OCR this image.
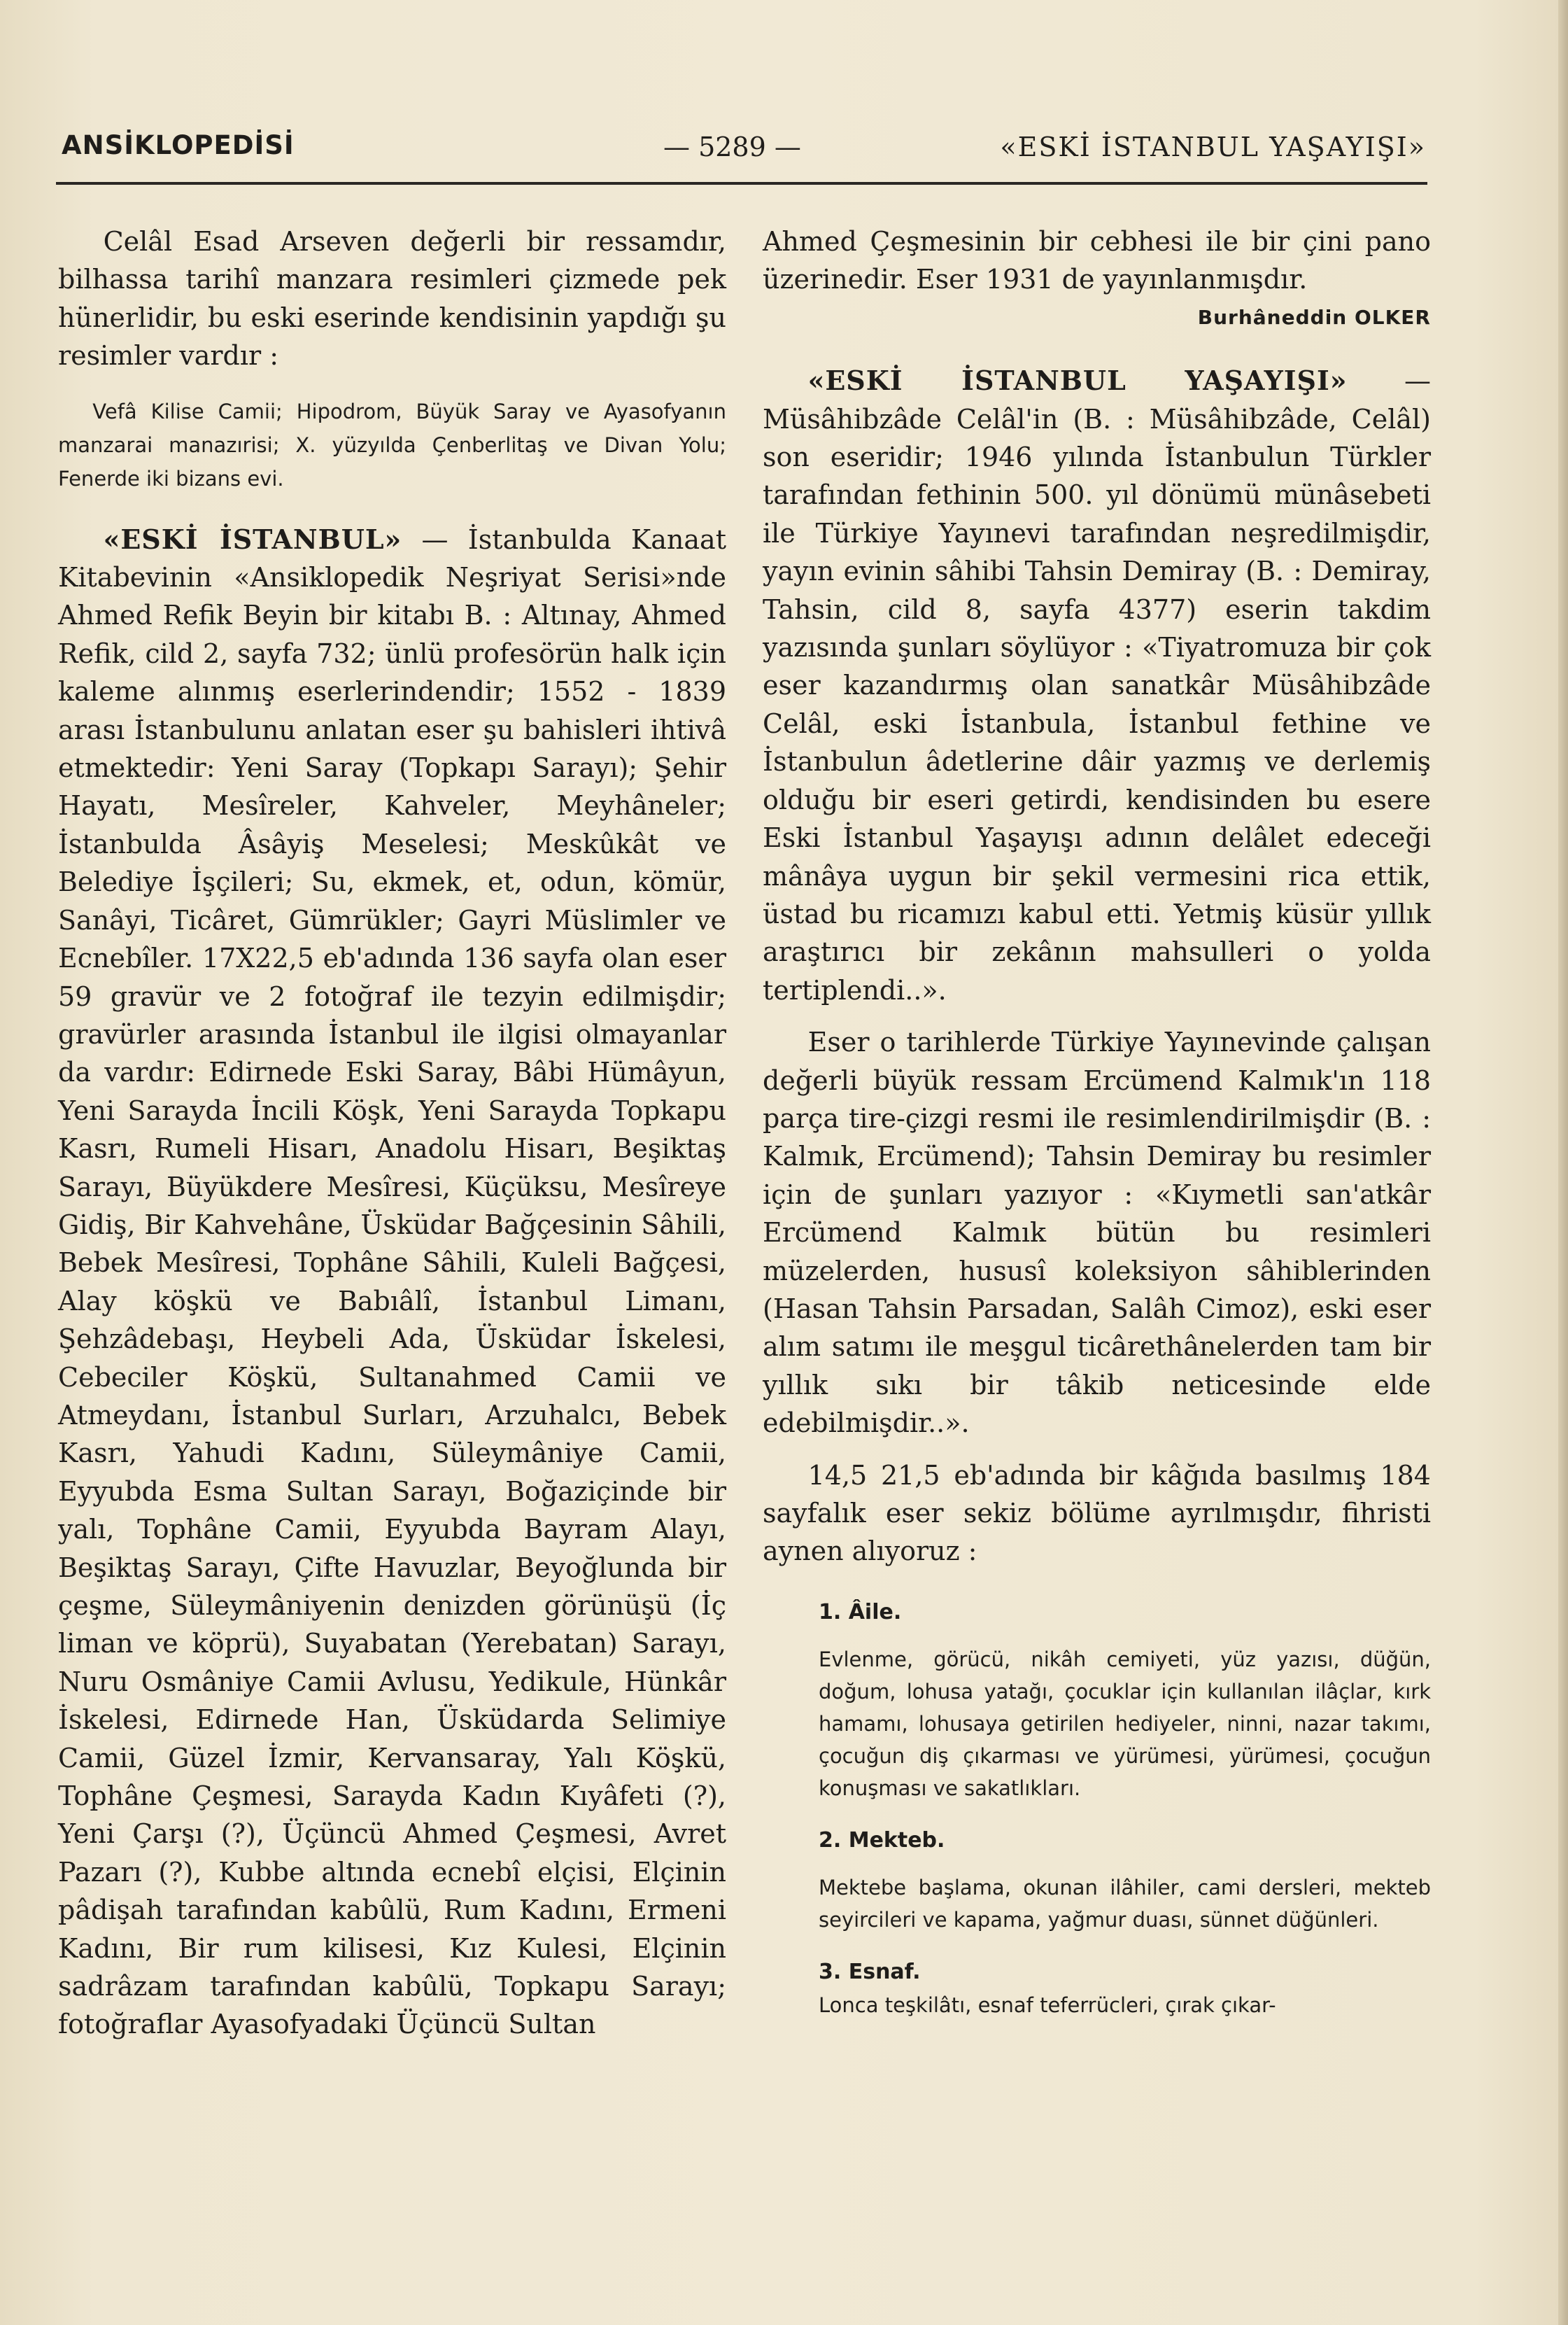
ANSİKLOPEDİSİ	— 5289 —	«ESKİ İSTANBUL YAŞAYIŞI»

Celâl Esad Arseven değerli bir ressamdır, bilhassa tarihî manzara resimleri çizmede pek hünerlidir, bu eski eserinde kendisinin yapdığı şu resimler vardır :

Vefâ Kilise Camii; Hipodrom, Büyük Saray ve Ayasofyanın manzarai manazırisi; X. yüzyılda Çenberlitaş ve Divan Yolu; Fenerde iki bizans evi.

«ESKİ İSTANBUL» — İstanbulda Kanaat Kitabevinin «Ansiklopedik Neşriyat Serisi»nde Ahmed Refik Beyin bir kitabı B. : Altınay, Ahmed Refik, cild 2, sayfa 732; ünlü profesörün halk için kaleme alınmış eserlerindendir; 1552 - 1839 arası İstanbulunu anlatan eser şu bahisleri ihtivâ etmektedir: Yeni Saray (Topkapı Sarayı); Şehir Hayatı, Mesîreler, Kahveler, Meyhâneler; İstanbulda Âsâyiş Meselesi; Meskûkât ve Belediye İşçileri; Su, ekmek, et, odun, kömür, Sanâyi, Ticâret, Gümrükler; Gayri Müslimler ve Ecnebîler. 17X22,5 eb'adında 136 sayfa olan eser 59 gravür ve 2 fotoğraf ile tezyin edilmişdir; gravürler arasında İstanbul ile ilgisi olmayanlar da vardır: Edirnede Eski Saray, Bâbi Hümâyun, Yeni Sarayda İncili Köşk, Yeni Sarayda Topkapu Kasrı, Rumeli Hisarı, Anadolu Hisarı, Beşiktaş Sarayı, Büyükdere Mesîresi, Küçüksu, Mesîreye Gidiş, Bir Kahvehâne, Üsküdar Bağçesinin Sâhili, Bebek Mesîresi, Tophâne Sâhili, Kuleli Bağçesi, Alay köşkü ve Babıâlî, İstanbul Limanı, Şehzâdebaşı, Heybeli Ada, Üsküdar İskelesi, Cebeciler Köşkü, Sultanahmed Camii ve Atmeydanı, İstanbul Surları, Arzuhalcı, Bebek Kasrı, Yahudi Kadını, Süleymâniye Camii, Eyyubda Esma Sultan Sarayı, Boğaziçinde bir yalı, Tophâne Camii, Eyyubda Bayram Alayı, Beşiktaş Sarayı, Çifte Havuzlar, Beyoğlunda bir çeşme, Süleymâniyenin denizden görünüşü (İç liman ve köprü), Suyabatan (Yerebatan) Sarayı, Nuru Osmâniye Camii Avlusu, Yedikule, Hünkâr İskelesi, Edirnede Han, Üsküdarda Selimiye Camii, Güzel İzmir, Kervansaray, Yalı Köşkü, Tophâne Çeşmesi, Sarayda Kadın Kıyâfeti (?), Yeni Çarşı (?), Üçüncü Ahmed Çeşmesi, Avret Pazarı (?), Kubbe altında ecnebî elçisi, Elçinin pâdişah tarafından kabûlü, Rum Kadını, Ermeni Kadını, Bir rum kilisesi, Kız Kulesi, Elçinin sadrâzam tarafından kabûlü, Topkapu Sarayı; fotoğraflar Ayasofyadaki Üçüncü Sultan

Ahmed Çeşmesinin bir cebhesi ile bir çini pano üzerinedir. Eser 1931 de yayınlanmışdır.

Burhâneddin OLKER

«ESKİ İSTANBUL YAŞAYIŞI» — Müsâhibzâde Celâl'in (B. : Müsâhibzâde, Celâl) son eseridir; 1946 yılında İstanbulun Türkler tarafından fethinin 500. yıl dönümü münâsebeti ile Türkiye Yayınevi tarafından neşredilmişdir, yayın evinin sâhibi Tahsin Demiray (B. : Demiray, Tahsin, cild 8, sayfa 4377) eserin takdim yazısında şunları söylüyor : «Tiyatromuza bir çok eser kazandırmış olan sanatkâr Müsâhibzâde Celâl, eski İstanbula, İstanbul fethine ve İstanbulun âdetlerine dâir yazmış ve derlemiş olduğu bir eseri getirdi, kendisinden bu esere Eski İstanbul Yaşayışı adının delâlet edeceği mânâya uygun bir şekil vermesini rica ettik, üstad bu ricamızı kabul etti. Yetmiş küsür yıllık araştırıcı bir zekânın mahsulleri o yolda tertiplendi..».

Eser o tarihlerde Türkiye Yayınevinde çalışan değerli büyük ressam Ercümend Kalmık'ın 118 parça tire-çizgi resmi ile resimlendirilmişdir (B. : Kalmık, Ercümend); Tahsin Demiray bu resimler için de şunları yazıyor : «Kıymetli san'atkâr Ercümend Kalmık bütün bu resimleri müzelerden, hususî koleksiyon sâhiblerinden (Hasan Tahsin Parsadan, Salâh Cimoz), eski eser alım satımı ile meşgul ticârethânelerden tam bir yıllık sıkı bir tâkib neticesinde elde edebilmişdir..».

14,5 21,5 eb'adında bir kâğıda basılmış 184 sayfalık eser sekiz bölüme ayrılmışdır, fihristi aynen alıyoruz :

1. Âile.
Evlenme, görücü, nikâh cemiyeti, yüz yazısı, düğün, doğum, lohusa yatağı, çocuklar için kullanılan ilâçlar, kırk hamamı, lohusaya getirilen hediyeler, ninni, nazar takımı, çocuğun diş çıkarması ve yürümesi, yürümesi, çocuğun konuşması ve sakatlıkları.
2. Mekteb.
Mektebe başlama, okunan ilâhiler, cami dersleri, mekteb seyircileri ve kapama, yağmur duası, sünnet düğünleri.
3. Esnaf.
Lonca teşkilâtı, esnaf teferrücleri, çırak çıkar-
